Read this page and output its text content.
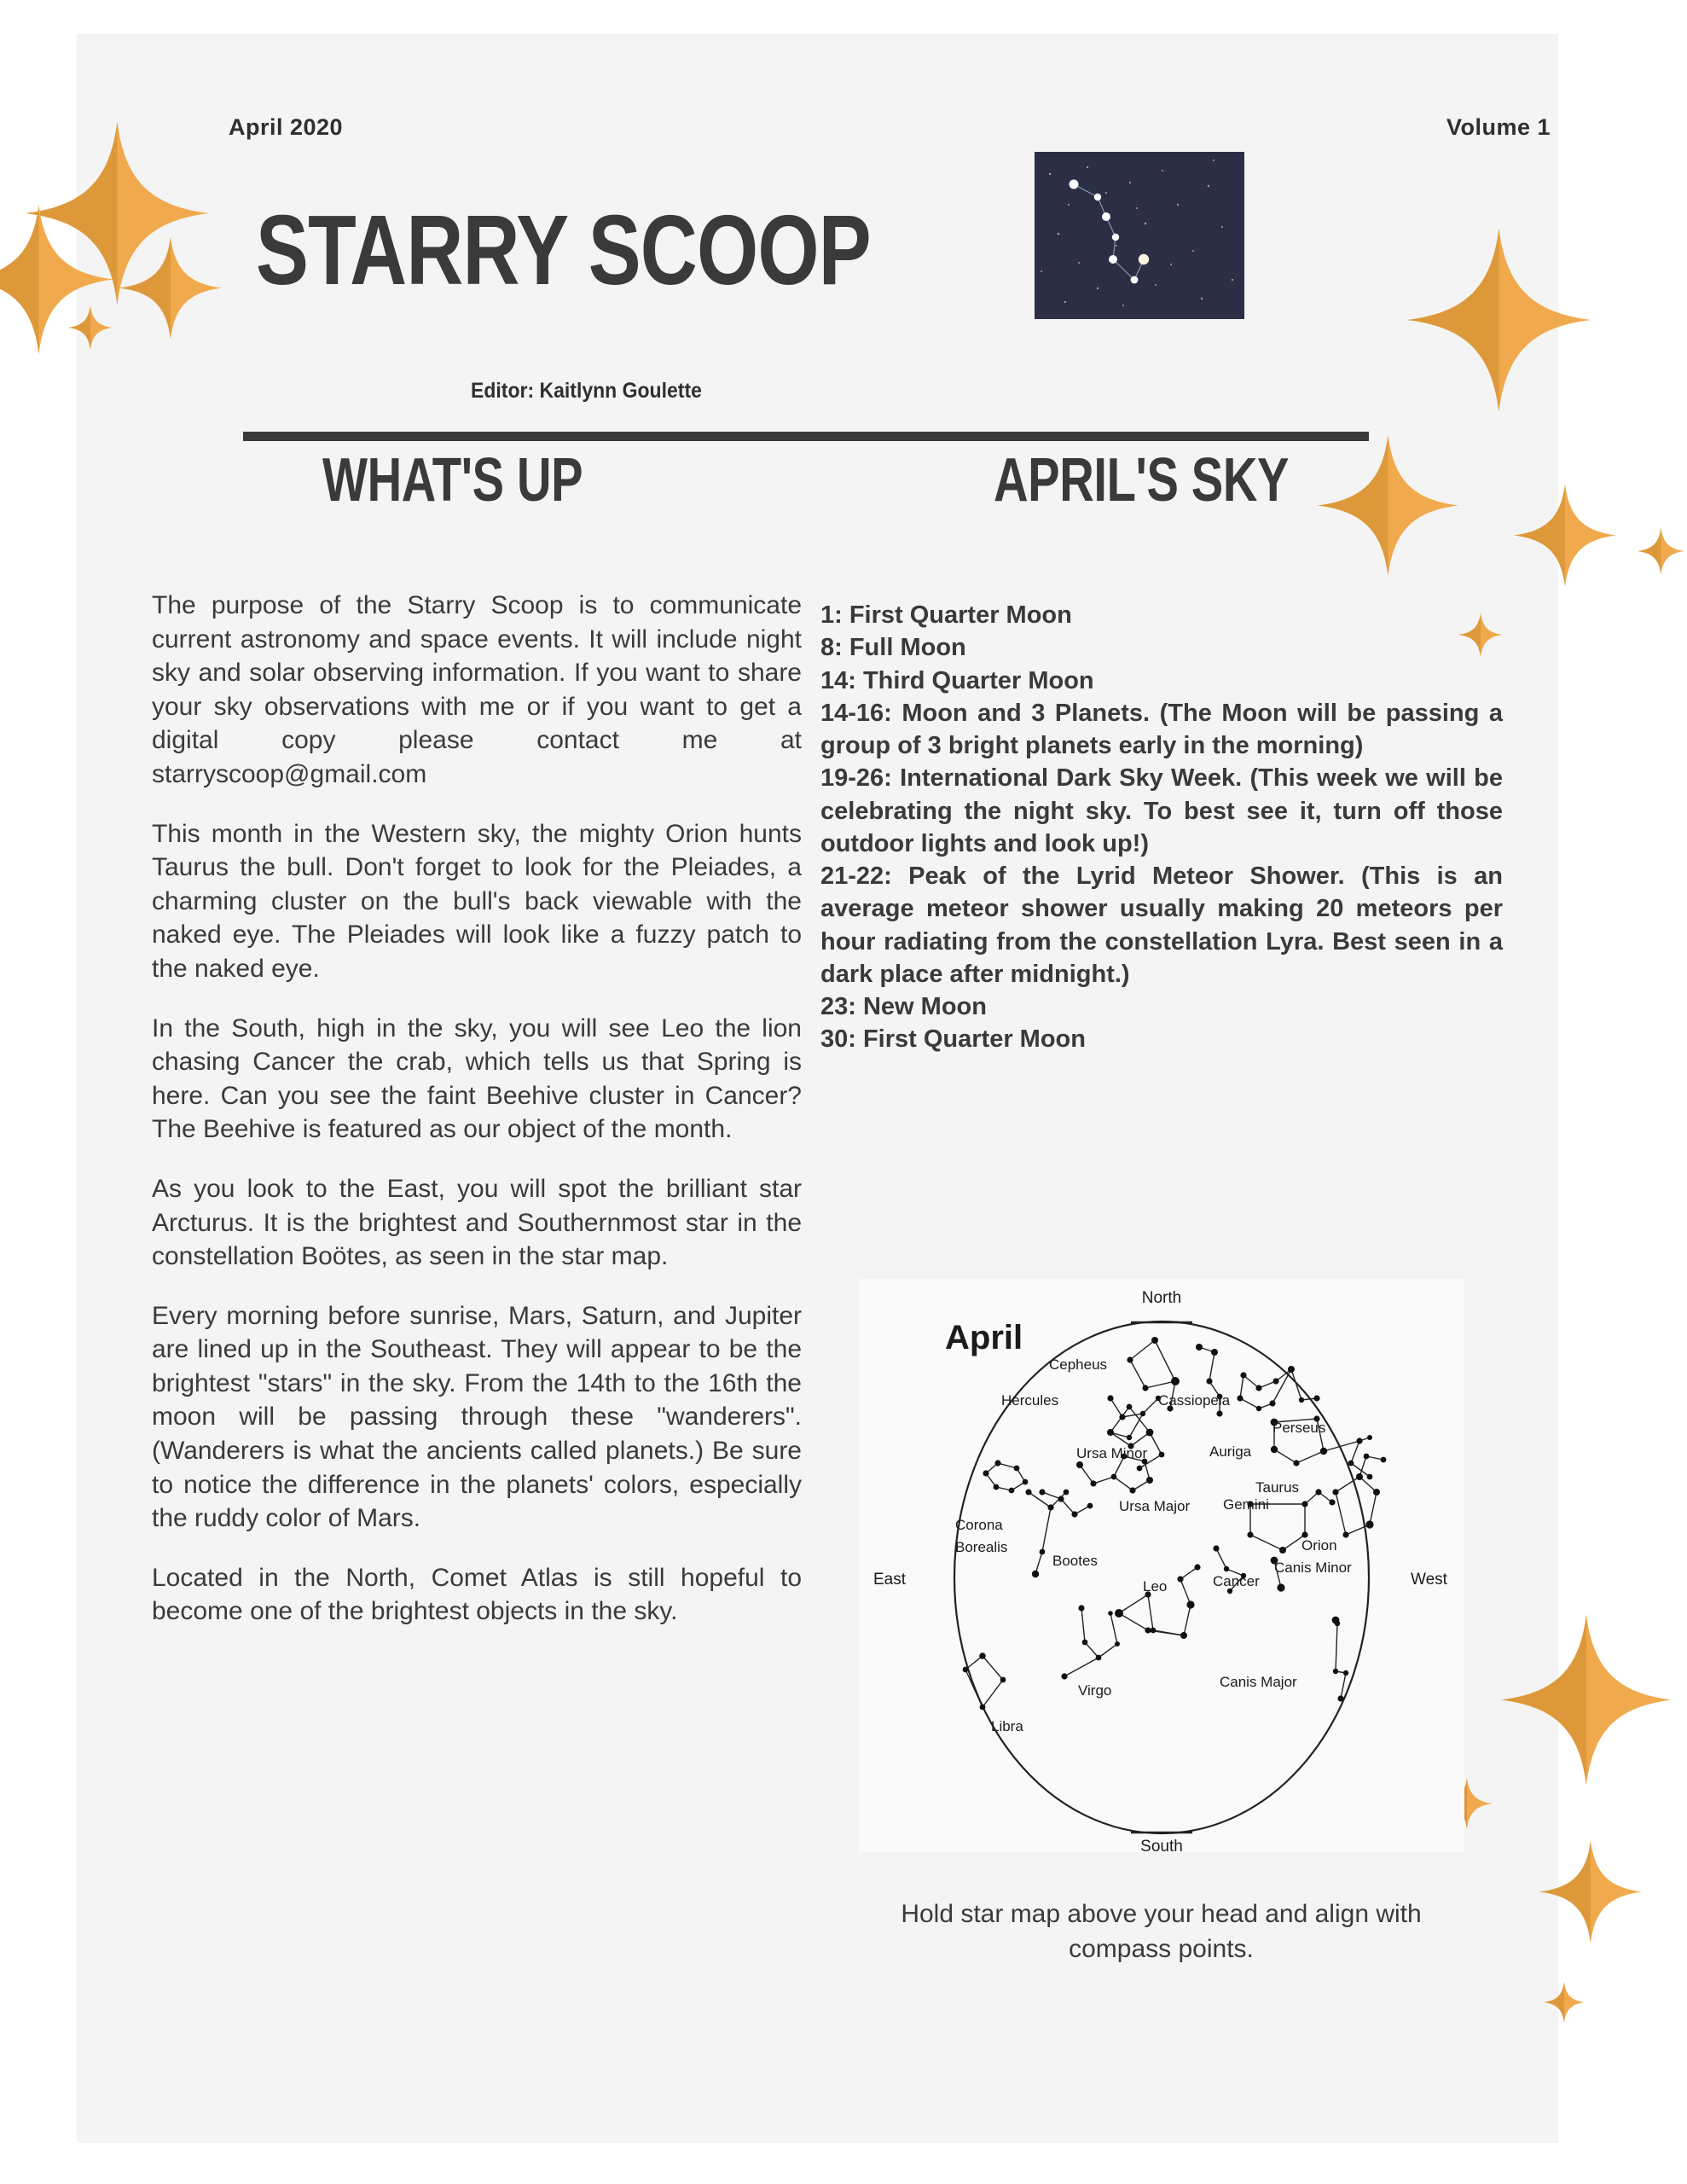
April 2020	Volume 1
STARRY SCOOP
Editor: Kaitlynn Goulette
WHAT'S UP	APRIL'S SKY

The purpose of the Starry Scoop is to communicate current astronomy and space events. It will include night sky and solar observing information. If you want to share your sky observations with me or if you want to get a digital copy please contact me at starryscoop@gmail.com

This month in the Western sky, the mighty Orion hunts Taurus the bull. Don't forget to look for the Pleiades, a charming cluster on the bull's back viewable with the naked eye. The Pleiades will look like a fuzzy patch to the naked eye.

In the South, high in the sky, you will see Leo the lion chasing Cancer the crab, which tells us that Spring is here. Can you see the faint Beehive cluster in Cancer? The Beehive is featured as our object of the month.

As you look to the East, you will spot the brilliant star Arcturus. It is the brightest and Southernmost star in the constellation Boötes, as seen in the star map.

Every morning before sunrise, Mars, Saturn, and Jupiter are lined up in the Southeast. They will appear to be the brightest "stars" in the sky. From the 14th to the 16th the moon will be passing through these "wanderers". (Wanderers is what the ancients called planets.) Be sure to notice the difference in the planets' colors, especially the ruddy color of Mars.

Located in the North, Comet Atlas is still hopeful to become one of the brightest objects in the sky.

1: First Quarter Moon
8: Full Moon
14: Third Quarter Moon
14-16: Moon and 3 Planets. (The Moon will be passing a group of 3 bright planets early in the morning)
19-26: International Dark Sky Week. (This week we will be celebrating the night sky. To best see it, turn off those outdoor lights and look up!)
21-22: Peak of the Lyrid Meteor Shower. (This is an average meteor shower usually making 20 meteors per hour radiating from the constellation Lyra. Best seen in a dark place after midnight.)
23: New Moon
30: First Quarter Moon
North
South
East	West
April
Cepheus
Cassiopeia
Perseus
Hercules
Auriga
Ursa Minor
Taurus
Ursa Major Gemini
Corona
Borealis
Bootes
Orion
Cancer
Canis Minor
Leo
Virgo
Canis Major
Libra
Hold star map above your head and align with compass points.
